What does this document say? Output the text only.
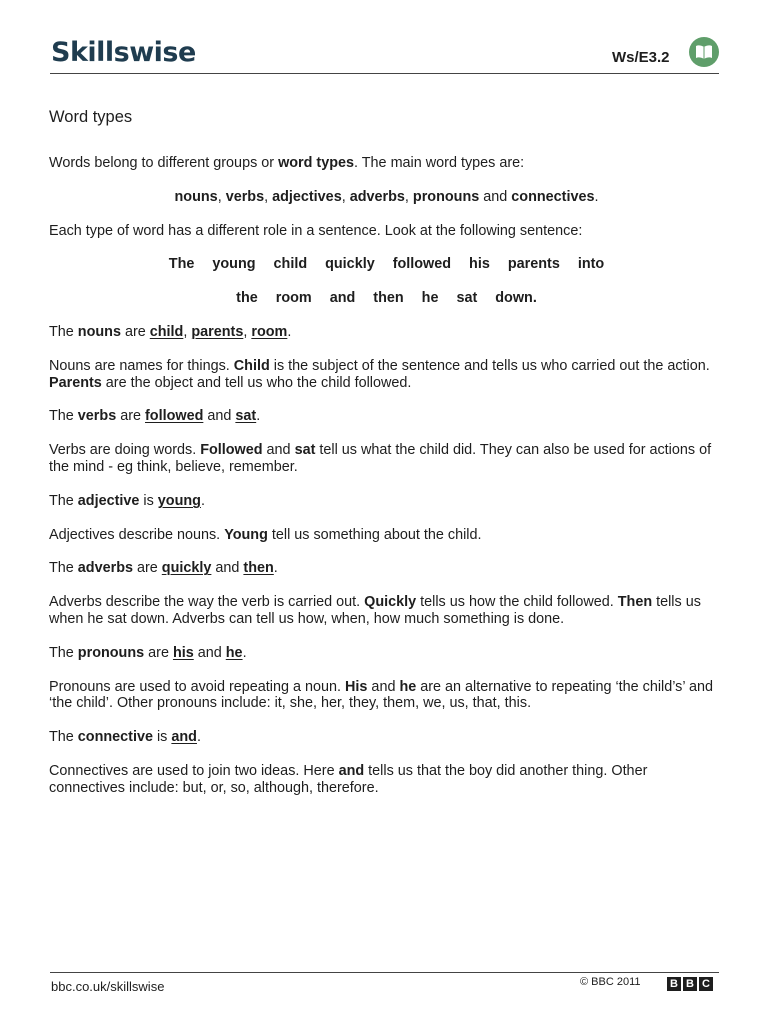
Skillswise	Ws/E3.2
Word types

Words belong to different groups or word types. The main word types are:

nouns, verbs, adjectives, adverbs, pronouns and connectives.

Each type of word has a different role in a sentence. Look at the following sentence:

The young child quickly followed his parents into

the room and then he sat down.

The nouns are child, parents, room.

Nouns are names for things. Child is the subject of the sentence and tells us who carried out the action. Parents are the object and tell us who the child followed.

The verbs are followed and sat.

Verbs are doing words. Followed and sat tell us what the child did. They can also be used for actions of the mind - eg think, believe, remember.

The adjective is young.

Adjectives describe nouns. Young tell us something about the child.

The adverbs are quickly and then.

Adverbs describe the way the verb is carried out. Quickly tells us how the child followed. Then tells us when he sat down. Adverbs can tell us how, when, how much something is done.

The pronouns are his and he.

Pronouns are used to avoid repeating a noun. His and he are an alternative to repeating ‘the child’s’ and ‘the child’. Other pronouns include: it, she, her, they, them, we, us, that, this.

The connective is and.

Connectives are used to join two ideas. Here and tells us that the boy did another thing. Other connectives include: but, or, so, although, therefore.

bbc.co.uk/skillswise	© BBC 2011	B B C
